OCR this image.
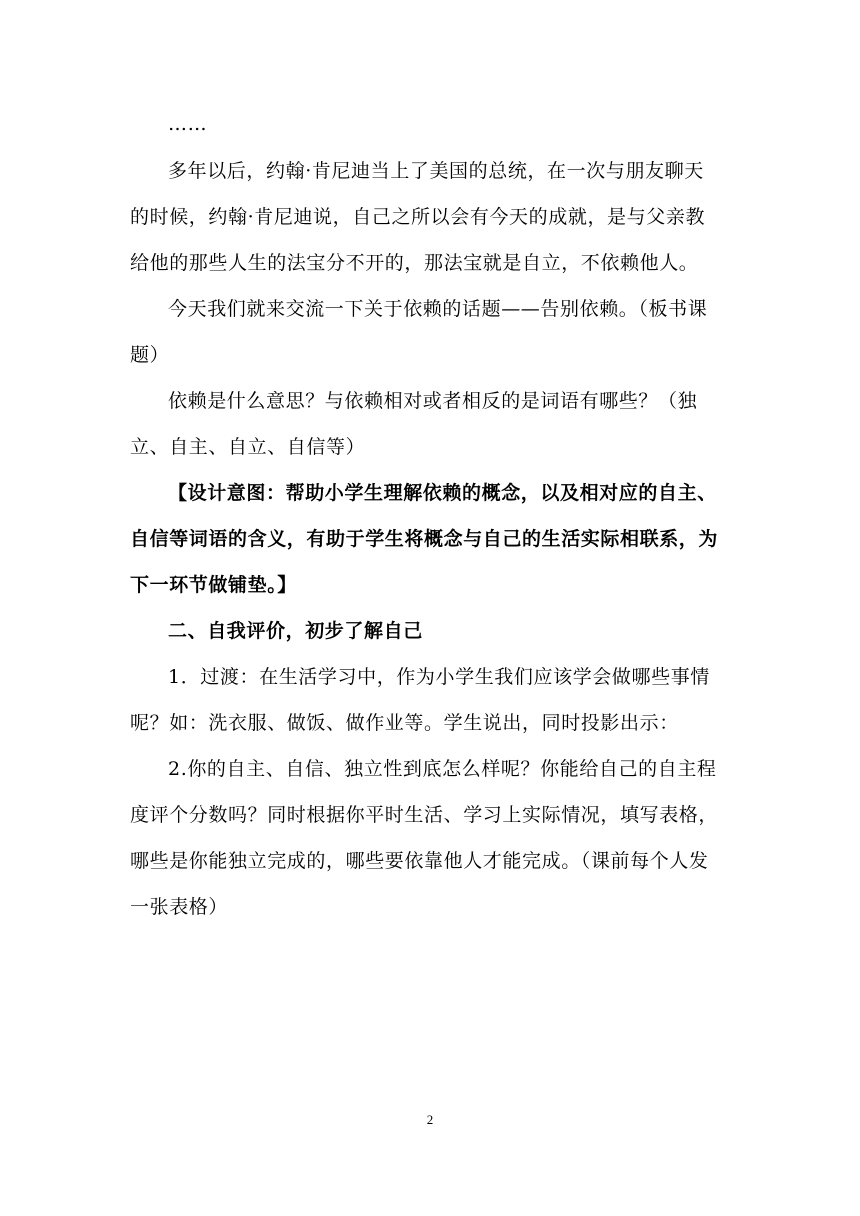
……
多年以后，约翰·肯尼迪当上了美国的总统，在一次与朋友聊天
的时候，约翰·肯尼迪说，自己之所以会有今天的成就，是与父亲教
给他的那些人生的法宝分不开的，那法宝就是自立，不依赖他人。
今天我们就来交流一下关于依赖的话题——告别依赖。（板书课
题）
依赖是什么意思？与依赖相对或者相反的是词语有哪些？（独
立、自主、自立、自信等）
【设计意图：帮助小学生理解依赖的概念，以及相对应的自主、
自信等词语的含义，有助于学生将概念与自己的生活实际相联系，为
下一环节做铺垫。】
二、自我评价，初步了解自己
1．过渡：在生活学习中，作为小学生我们应该学会做哪些事情
呢？如：洗衣服、做饭、做作业等。学生说出，同时投影出示：
2.你的自主、自信、独立性到底怎么样呢？你能给自己的自主程
度评个分数吗？同时根据你平时生活、学习上实际情况，填写表格，
哪些是你能独立完成的，哪些要依靠他人才能完成。（课前每个人发
一张表格）
2
